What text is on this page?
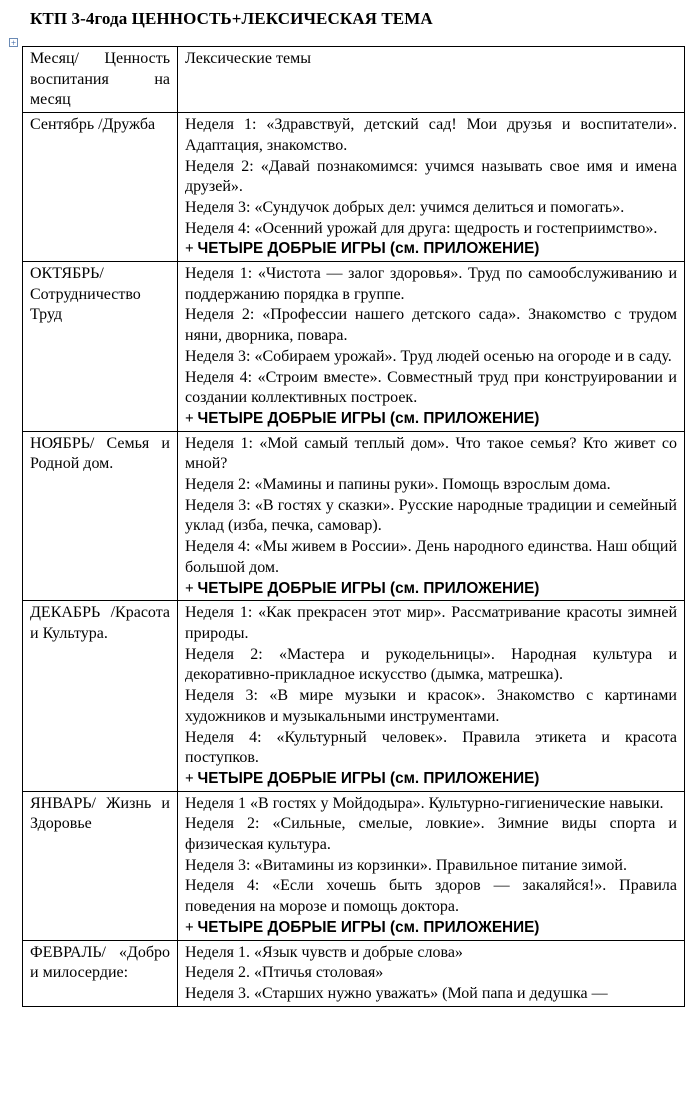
КТП 3-4года ЦЕННОСТЬ+ЛЕКСИЧЕСКАЯ ТЕМА
+
Месяц/ Ценность воспитания на месяц	Лексические темы
Сентябрь /Дружба	Неделя 1: «Здравствуй, детский сад! Мои друзья и воспитатели». Адаптация, знакомство.

Неделя 2: «Давай познакомимся: учимся называть свое имя и имена друзей».

Неделя 3: «Сундучок добрых дел: учимся делиться и помогать».

Неделя 4: «Осенний урожай для друга: щедрость и гостеприимство».

+ ЧЕТЫРЕ ДОБРЫЕ ИГРЫ (см. ПРИЛОЖЕНИЕ)

ОКТЯБРЬ/Сотрудничество Труд	Неделя 1: «Чистота — залог здоровья». Труд по самообслуживанию и поддержанию порядка в группе.

Неделя 2: «Профессии нашего детского сада». Знакомство с трудом няни, дворника, повара.

Неделя 3: «Собираем урожай». Труд людей осенью на огороде и в саду.

Неделя 4: «Строим вместе». Совместный труд при конструировании и создании коллективных построек.

+ ЧЕТЫРЕ ДОБРЫЕ ИГРЫ (см. ПРИЛОЖЕНИЕ)

НОЯБРЬ/ Семья и Родной дом.	Неделя 1: «Мой самый теплый дом». Что такое семья? Кто живет со мной?

Неделя 2: «Мамины и папины руки». Помощь взрослым дома.

Неделя 3: «В гостях у сказки». Русские народные традиции и семейный уклад (изба, печка, самовар).

Неделя 4: «Мы живем в России». День народного единства. Наш общий большой дом.

+ ЧЕТЫРЕ ДОБРЫЕ ИГРЫ (см. ПРИЛОЖЕНИЕ)

ДЕКАБРЬ /Красота и Культура.	Неделя 1: «Как прекрасен этот мир». Рассматривание красоты зимней природы.

Неделя 2: «Мастера и рукодельницы». Народная культура и декоративно-прикладное искусство (дымка, матрешка).

Неделя 3: «В мире музыки и красок». Знакомство с картинами художников и музыкальными инструментами.

Неделя 4: «Культурный человек». Правила этикета и красота поступков.

+ ЧЕТЫРЕ ДОБРЫЕ ИГРЫ (см. ПРИЛОЖЕНИЕ)

ЯНВАРЬ/ Жизнь и Здоровье	Неделя 1 «В гостях у Мойдодыра». Культурно-гигиенические навыки.

Неделя 2: «Сильные, смелые, ловкие». Зимние виды спорта и физическая культура.

Неделя 3: «Витамины из корзинки». Правильное питание зимой.

Неделя 4: «Если хочешь быть здоров — закаляйся!». Правила поведения на морозе и помощь доктора.

+ ЧЕТЫРЕ ДОБРЫЕ ИГРЫ (см. ПРИЛОЖЕНИЕ)

ФЕВРАЛЬ/ «Добро и милосердие:	Неделя 1. «Язык чувств и добрые слова»

Неделя 2. «Птичья столовая»

Неделя 3. «Старших нужно уважать» (Мой папа и дедушка —
